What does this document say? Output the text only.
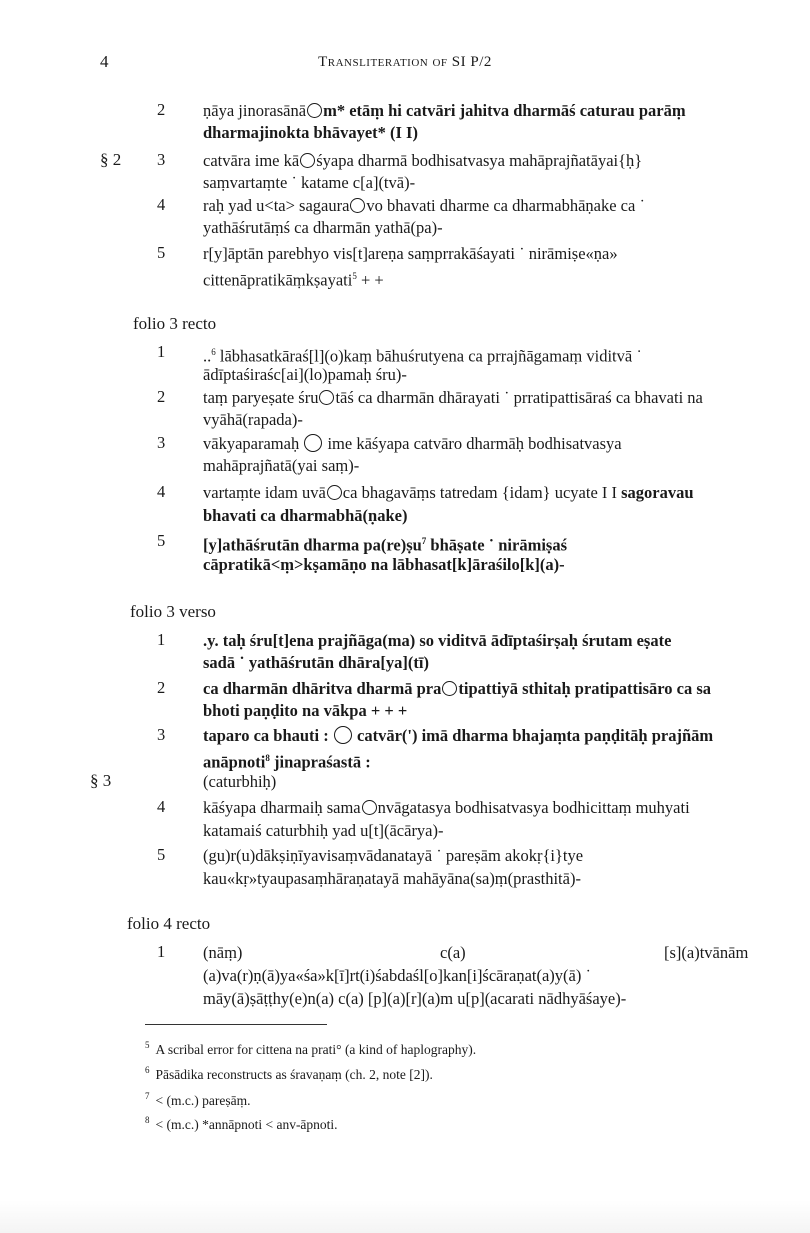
4	Transliteration of SI P/2
2 ṇāya jinorasānā m* etāṃ hi catvāri jahitva dharmāś caturau parāṃ
dharmajinokta bhāvayet* (I I)
§ 2 3 catvāra ime kā śyapa dharmā bodhisatvasya mahāprajñatāyai{ḥ}
saṃvartaṃte ˙ katame c[a](tvā)-
4 raḥ yad u<ta> sagaura vo bhavati dharme ca dharmabhāṇake ca ˙
yathāśrutāṃś ca dharmān yathā(pa)-
5 r[y]āptān parebhyo vis[t]areṇa saṃprrakāśayati ˙ nirāmiṣe«ṇa»
cittenāpratikāṃkṣayati$^5$ + +
folio 3 recto
1 ..$^6$ lābhasatkāraś[l](o)kaṃ bāhuśrutyena ca prrajñāgamaṃ viditvā ˙
ādīptaśiraśc[ai](lo)pamaḥ śru)-
2 taṃ paryeṣate śru tāś ca dharmān dhārayati ˙ prratipattisāraś ca bhavati na
vyāhā(rapada)-
3 vākyaparamaḥ ime kāśyapa catvāro dharmāḥ bodhisatvasya
mahāprajñatā(yai saṃ)-
4 vartaṃte idam uvā ca bhagavāṃs tatredam {idam} ucyate I I sagoravau
bhavati ca dharmabhā(ṇake)
5 [y]athāśrutān dharma pa(re)ṣu$^7$ bhāṣate ˙ nirāmiṣaś
cāpratikā<ṃ>kṣamāṇo na lābhasat[k]āraśilo[k](a)-
folio 3 verso
1 .y. taḥ śru[t]ena prajñāga(ma) so viditvā ādīptaśirṣaḥ śrutam eṣate
sadā ˙ yathāśrutān dhāra[ya](tī)
2 ca dharmān dhāritva dharmā pra tipattiyā sthitaḥ pratipattisāro ca sa
bhoti paṇḍito na vākpa + + +
3 taparo ca bhauti : catvār(') imā dharma bhajaṃta paṇḍitāḥ prajñām
anāpnoti$^8$ jinapraśastā :
§ 3	(caturbhiḥ)
4 kāśyapa dharmaiḥ sama nvāgatasya bodhisatvasya bodhicittaṃ muhyati
katamaiś caturbhiḥ yad u[t](ācārya)-
5 (gu)r(u)dākṣiṇīyavisaṃvādanatayā ˙ pareṣām akokṛ{i}tye
kau«kṛ»tyaupasaṃhāraṇatayā mahāyāna(sa)ṃ(prasthitā)-
folio 4 recto
1 (nāṃ)	c(a)	[s](a)tvānām
(a)va(r)ṇ(ā)ya«śa»k[ī]rt(i)śabdaśl[o]kan[i]ścāraṇat(a)y(ā) ˙
māy(ā)ṣāṭṭhy(e)n(a) c(a) [p](a)[r](a)m u[p](acarati nādhyāśaye)-
$^5$ A scribal error for cittena na prati° (a kind of haplography).
$^6$ Pāsādika reconstructs as śravaṇaṃ (ch. 2, note [2]).
$^7$ < (m.c.) pareṣāṃ.
$^8$ < (m.c.) *annāpnoti < anv-āpnoti.
